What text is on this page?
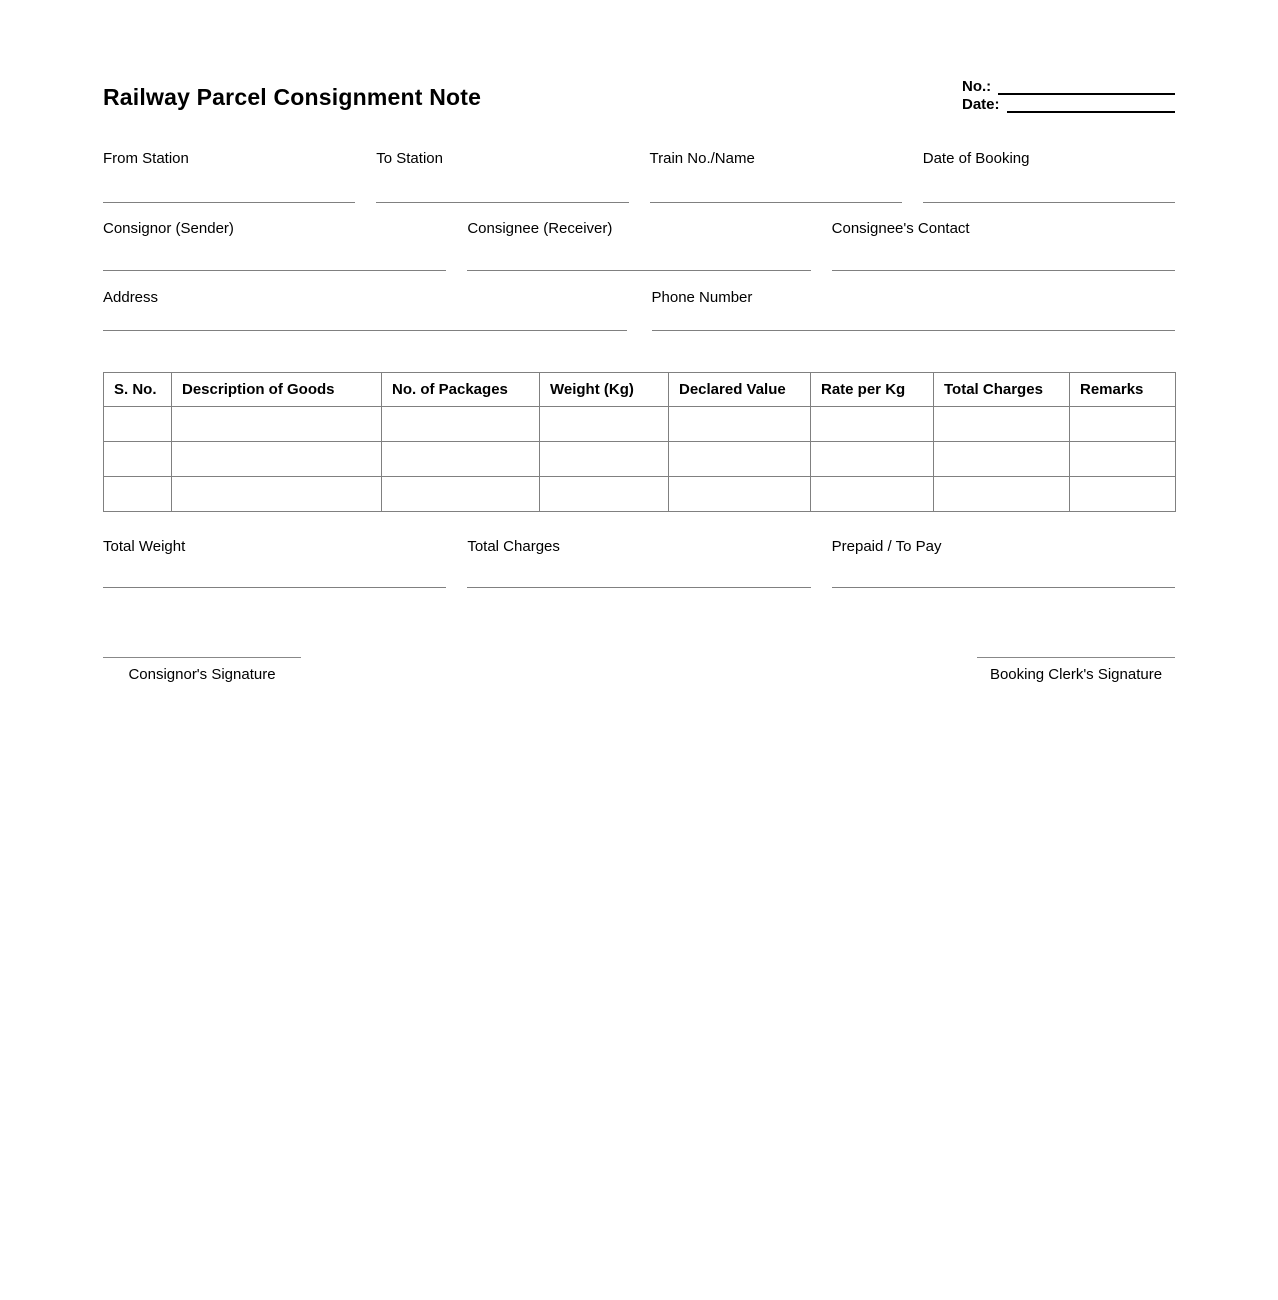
Railway Parcel Consignment Note	No.:
Date:
From Station	To Station	Train No./Name	Date of Booking
Consignor (Sender)	Consignee (Receiver)	Consignee's Contact
Address	Phone Number
S. No.	Description of Goods	No. of Packages	Weight (Kg)	Declared Value	Rate per Kg	Total Charges	Remarks

Total Weight	Total Charges	Prepaid / To Pay
Consignor's Signature	Booking Clerk's Signature
